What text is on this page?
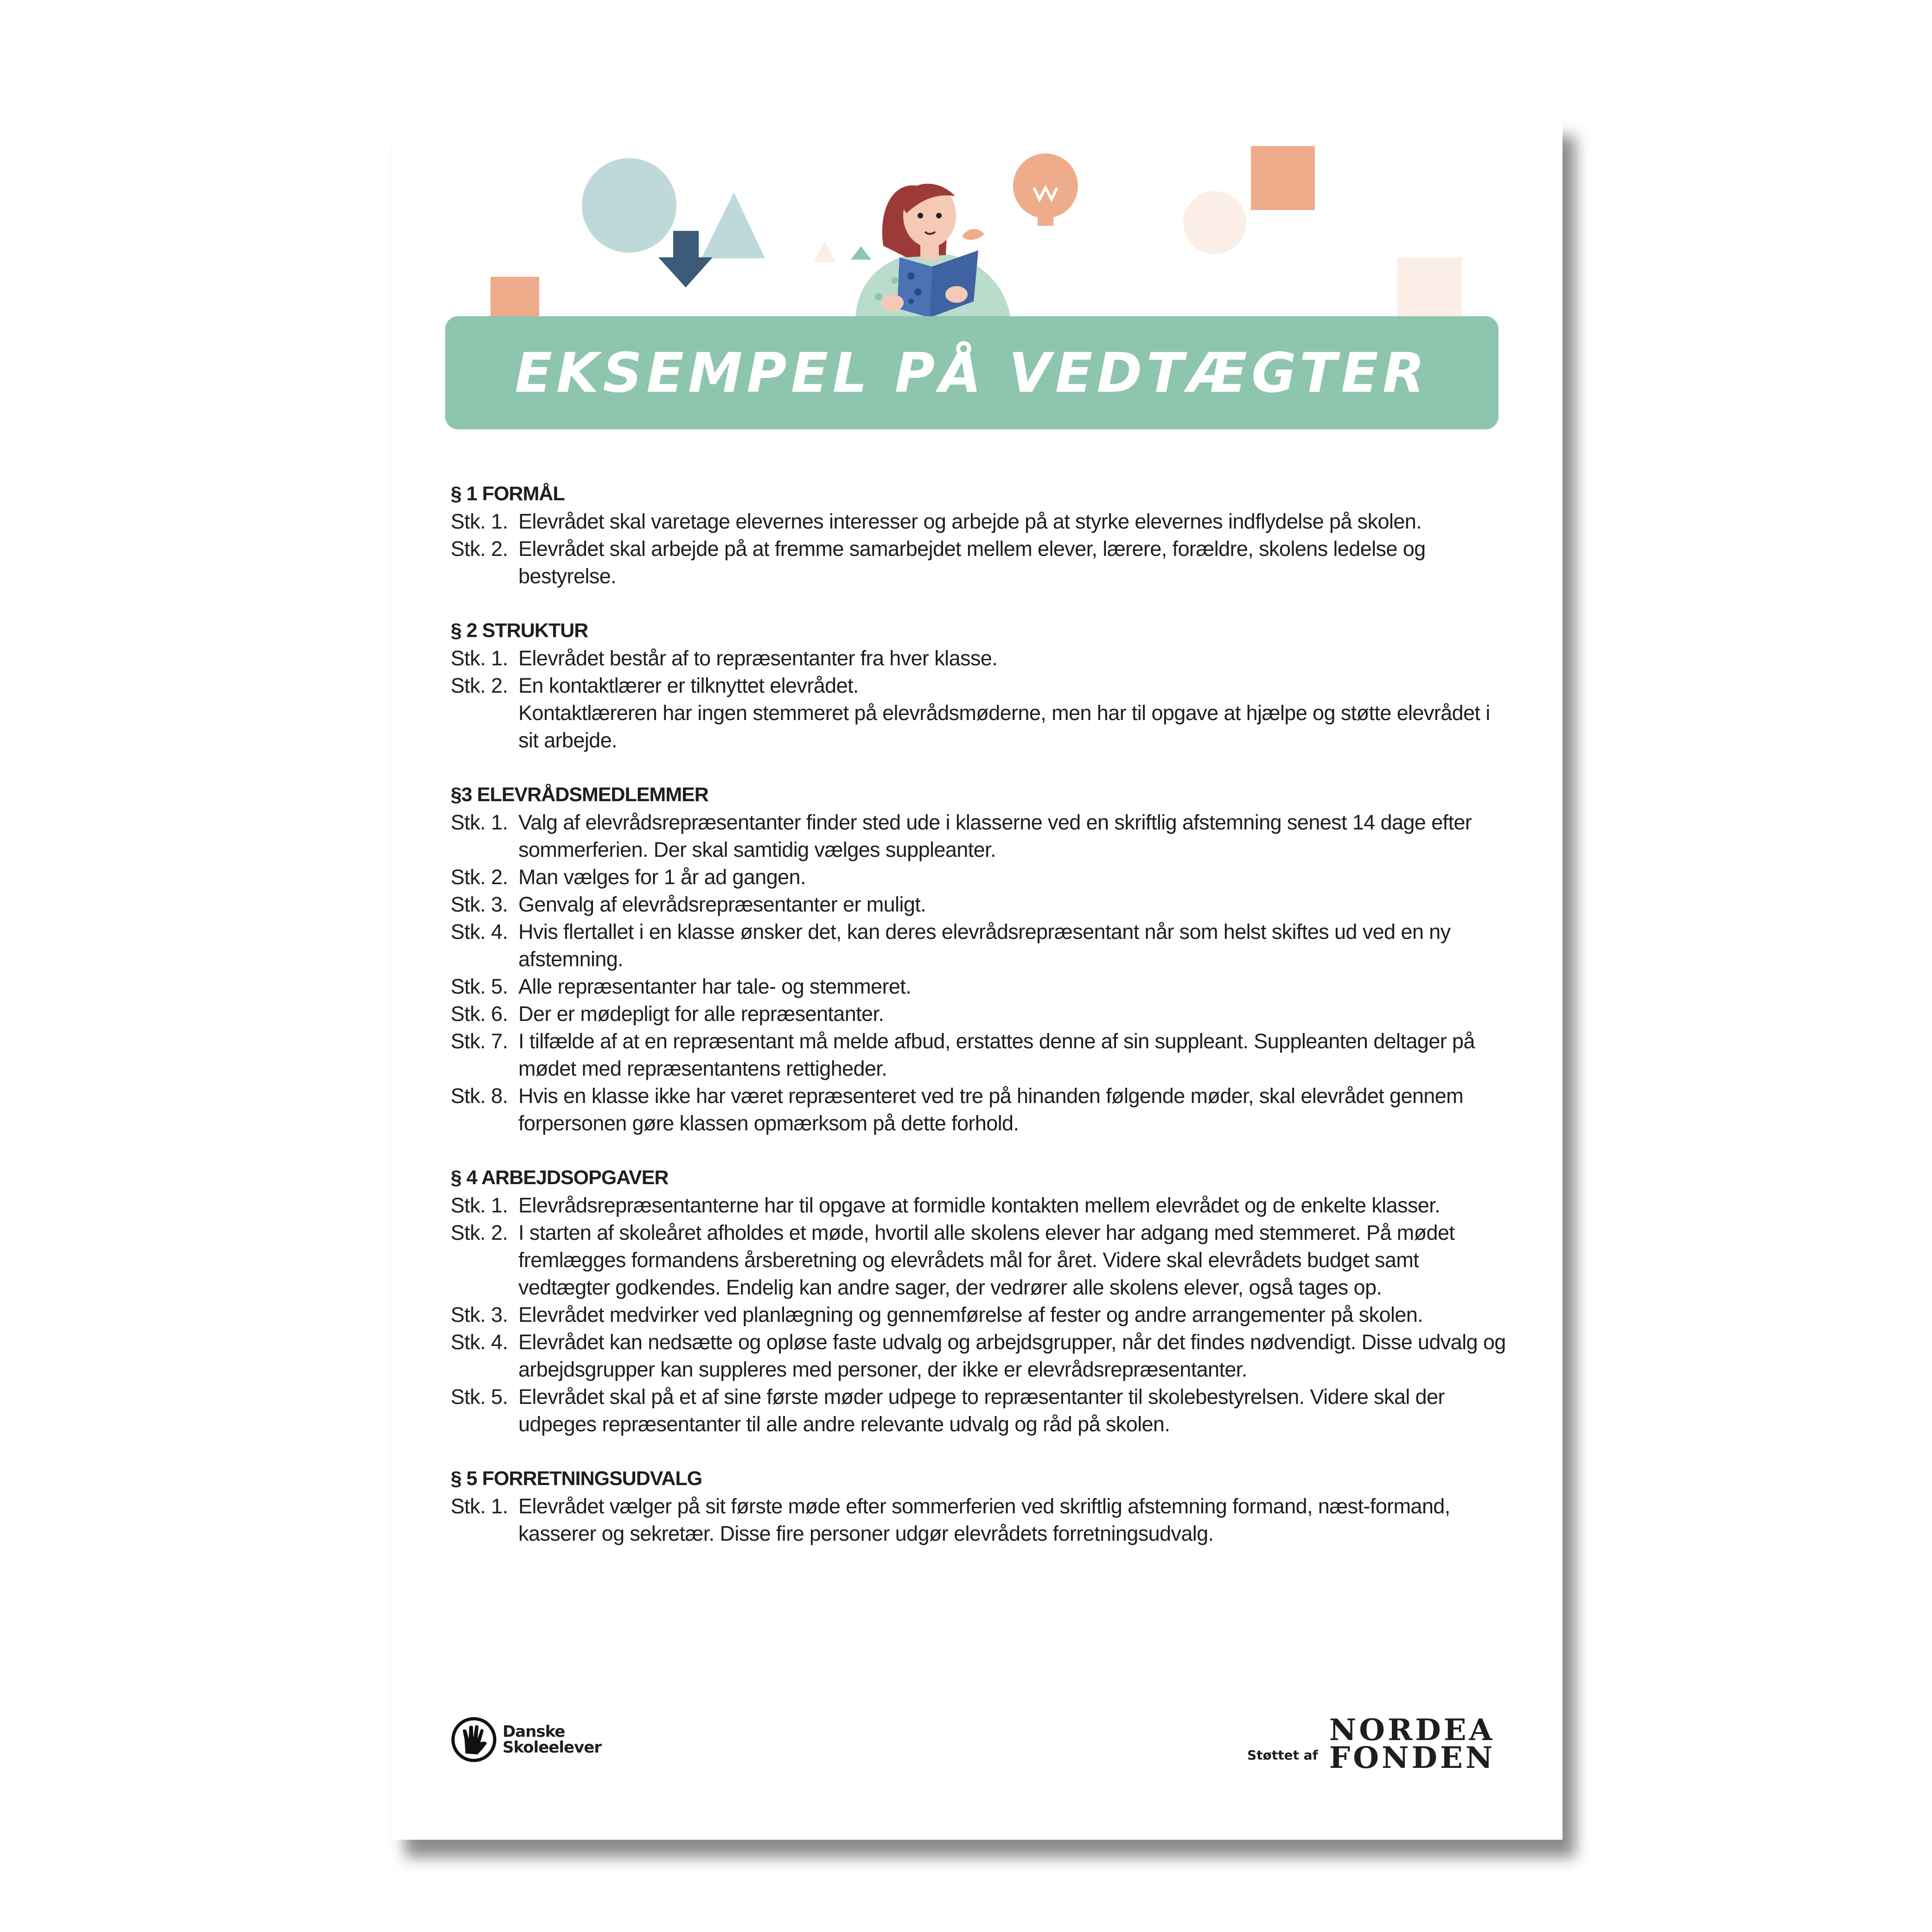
EKSEMPEL PÅ VEDTÆGTER
§ 1 FORMÅL
Stk. 1. Elevrådet skal varetage elevernes interesser og arbejde på at styrke elevernes indflydelse på skolen.
Stk. 2. Elevrådet skal arbejde på at fremme samarbejdet mellem elever, lærere, forældre, skolens ledelse og bestyrelse.
§ 2 STRUKTUR
Stk. 1. Elevrådet består af to repræsentanter fra hver klasse.
Stk. 2. En kontaktlærer er tilknyttet elevrådet.
Kontaktlæreren har ingen stemmeret på elevrådsmøderne, men har til opgave at hjælpe og støtte elevrådet i sit arbejde.
§3 ELEVRÅDSMEDLEMMER
Stk. 1. Valg af elevrådsrepræsentanter finder sted ude i klasserne ved en skriftlig afstemning senest 14 dage efter sommerferien. Der skal samtidig vælges suppleanter.
Stk. 2. Man vælges for 1 år ad gangen.
Stk. 3. Genvalg af elevrådsrepræsentanter er muligt.
Stk. 4. Hvis flertallet i en klasse ønsker det, kan deres elevrådsrepræsentant når som helst skiftes ud ved en ny afstemning.
Stk. 5. Alle repræsentanter har tale- og stemmeret.
Stk. 6. Der er mødepligt for alle repræsentanter.
Stk. 7. I tilfælde af at en repræsentant må melde afbud, erstattes denne af sin suppleant. Suppleanten deltager på mødet med repræsentantens rettigheder.
Stk. 8. Hvis en klasse ikke har været repræsenteret ved tre på hinanden følgende møder, skal elevrådet gennem forpersonen gøre klassen opmærksom på dette forhold.
§ 4 ARBEJDSOPGAVER
Stk. 1. Elevrådsrepræsentanterne har til opgave at formidle kontakten mellem elevrådet og de enkelte klasser.
Stk. 2. I starten af skoleåret afholdes et møde, hvortil alle skolens elever har adgang med stemmeret. På mødet fremlægges formandens årsberetning og elevrådets mål for året. Videre skal elevrådets budget samt vedtægter godkendes. Endelig kan andre sager, der vedrører alle skolens elever, også tages op.
Stk. 3. Elevrådet medvirker ved planlægning og gennemførelse af fester og andre arrangementer på skolen.
Stk. 4. Elevrådet kan nedsætte og opløse faste udvalg og arbejdsgrupper, når det findes nødvendigt. Disse udvalg og arbejdsgrupper kan suppleres med personer, der ikke er elevrådsrepræsentanter.
Stk. 5. Elevrådet skal på et af sine første møder udpege to repræsentanter til skolebestyrelsen. Videre skal der udpeges repræsentanter til alle andre relevante udvalg og råd på skolen.
§ 5 FORRETNINGSUDVALG
Stk. 1. Elevrådet vælger på sit første møde efter sommerferien ved skriftlig afstemning formand, næst-formand, kasserer og sekretær. Disse fire personer udgør elevrådets forretningsudvalg.
Danske
Skoleelever	Støttet af
NORDEA
FONDEN
